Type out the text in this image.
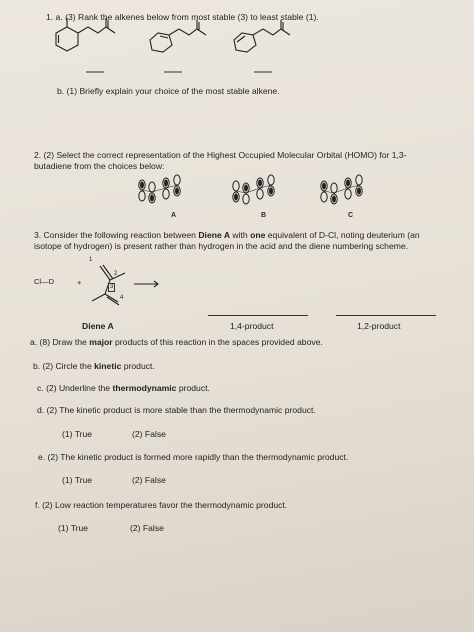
1. a. (3) Rank the alkenes below from most stable (3) to least stable (1).
b. (1) Briefly explain your choice of the most stable alkene.
2. (2) Select the correct representation of the Highest Occupied Molecular Orbital (HOMO) for 1,3-
butadiene from the choices below:
A	B	C
3. Consider the following reaction between Diene A with one equivalent of D-Cl, noting deuterium (an
isotope of hydrogen) is present rather than hydrogen in the acid and the diene numbering scheme.
Cl—D	+
1
2
3
4
Diene A	1,4-product	1,2-product
a. (8) Draw the major products of this reaction in the spaces provided above.
b. (2) Circle the kinetic product.
c. (2) Underline the thermodynamic product.
d. (2) The kinetic product is more stable than the thermodynamic product.
(1) True	(2) False
e. (2) The kinetic product is formed more rapidly than the thermodynamic product.
(1) True	(2) False
f. (2) Low reaction temperatures favor the thermodynamic product.
(1) True	(2) False
